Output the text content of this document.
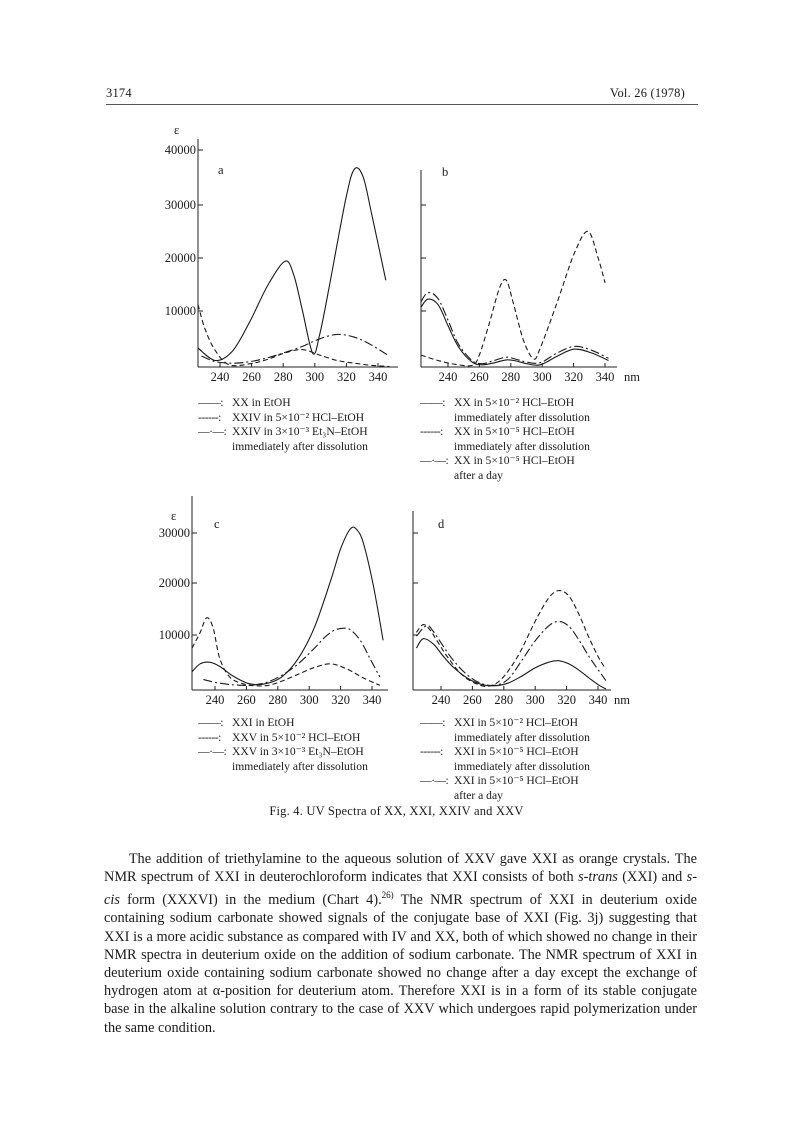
3174	Vol. 26 (1978)
ε
40000
30000
20000
10000
a
240 260 280 300 320 340
b
240 260 280 300 320 340 nm
ε
30000
20000
10000
c
240 260 280 300 320 340
d
240 260 280 300 320 340 nm
——: XX in EtOH
------: XXIV in 5×10⁻² HCl–EtOH
—·—: XXIV in 3×10⁻³ Et₃N–EtOH
immediately after dissolution
——: XX in 5×10⁻² HCl–EtOH
immediately after dissolution
------: XX in 5×10⁻⁵ HCl–EtOH
immediately after dissolution
—·—: XX in 5×10⁻⁵ HCl–EtOH
after a day
——: XXI in EtOH
------: XXV in 5×10⁻² HCl–EtOH
—·—: XXV in 3×10⁻³ Et₃N–EtOH
immediately after dissolution
——: XXI in 5×10⁻² HCl–EtOH
immediately after dissolution
------: XXI in 5×10⁻⁵ HCl–EtOH
immediately after dissolution
—·—: XXI in 5×10⁻⁵ HCl–EtOH
after a day
Fig. 4. UV Spectra of XX, XXI, XXIV and XXV

The addition of triethylamine to the aqueous solution of XXV gave XXI as orange crystals. The NMR spectrum of XXI in deuterochloroform indicates that XXI consists of both s-trans (XXI) and s-cis form (XXXVI) in the medium (Chart 4).$^{26)}$ The NMR spectrum of XXI in deuterium oxide containing sodium carbonate showed signals of the conjugate base of XXI (Fig. 3j) suggesting that XXI is a more acidic substance as compared with IV and XX, both of which showed no change in their NMR spectra in deuterium oxide on the addition of sodium carbonate. The NMR spectrum of XXI in deuterium oxide containing sodium carbonate showed no change after a day except the exchange of hydrogen atom at α-position for deuterium atom. Therefore XXI is in a form of its stable conjugate base in the alkaline solution contrary to the case of XXV which undergoes rapid polymerization under the same condition.
